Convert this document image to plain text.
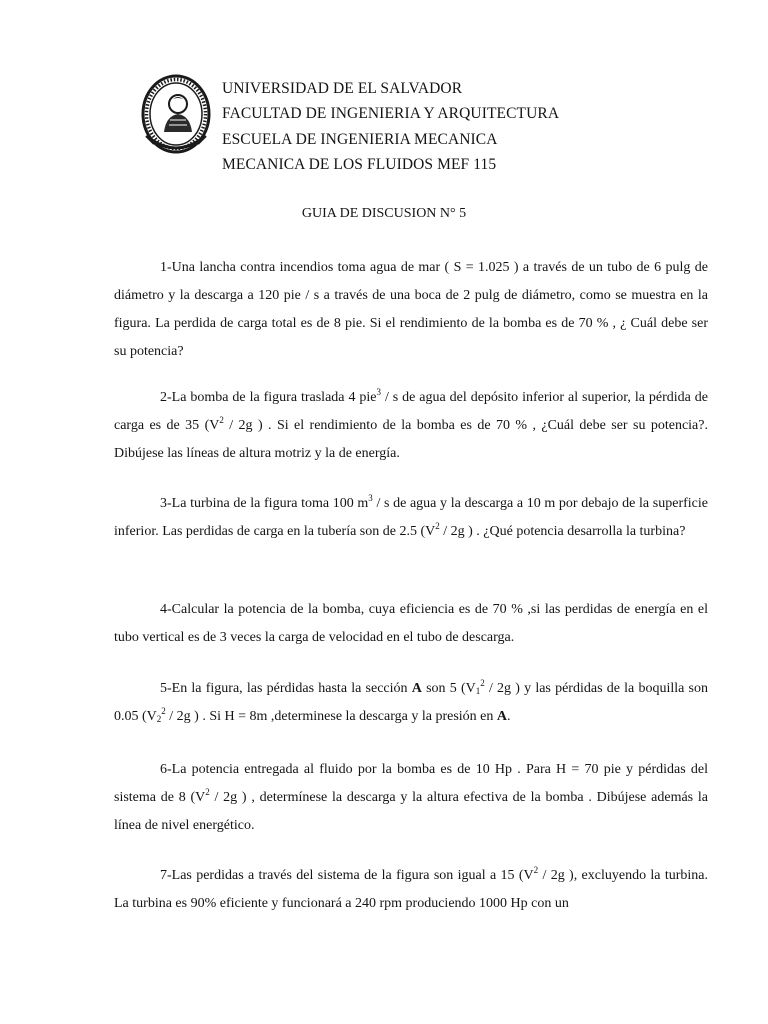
UNIVERSIDAD DE EL SALVADOR
FACULTAD DE INGENIERIA Y ARQUITECTURA
ESCUELA DE INGENIERIA MECANICA
MECANICA DE LOS FLUIDOS MEF 115
GUIA DE DISCUSION N° 5

1-Una lancha contra incendios toma agua de mar ( S = 1.025 ) a través de un tubo de 6 pulg de diámetro y la descarga a 120 pie / s a través de una boca de 2 pulg de diámetro, como se muestra en la figura. La perdida de carga total es de 8 pie. Si el rendimiento de la bomba es de 70 % , ¿ Cuál debe ser su potencia?

2-La bomba de la figura traslada 4 pie$^3$ / s de agua del depósito inferior al superior, la pérdida de carga es de 35 ($V^2 / 2g$ ) . Si el rendimiento de la bomba es de 70 % , ¿Cuál debe ser su potencia?. Dibújese las líneas de altura motriz y la de energía.

3-La turbina de la figura toma 100 $m^3$ / s de agua y la descarga a 10 m por debajo de la superficie inferior. Las perdidas de carga en la tubería son de 2.5 ($V^2 / 2g$ ) . ¿Qué potencia desarrolla la turbina?

4-Calcular la potencia de la bomba, cuya eficiencia es de 70 % ,si las perdidas de energía en el tubo vertical es de 3 veces la carga de velocidad en el tubo de descarga.

5-En la figura, las pérdidas hasta la sección A son 5 ($V_1^2 / 2g$ ) y las pérdidas de la boquilla son 0.05 ($V_2^2 / 2g$ ) . Si H = 8m ,determinese la descarga y la presión en A.

6-La potencia entregada al fluido por la bomba es de 10 Hp . Para H = 70 pie y pérdidas del sistema de 8 ($V^2 / 2g$ ) , determínese la descarga y la altura efectiva de la bomba . Dibújese además la línea de nivel energético.

7-Las perdidas a través del sistema de la figura son igual a 15 ($V^2 / 2g$ ), excluyendo la turbina. La turbina es 90% eficiente y funcionará a 240 rpm produciendo 1000 Hp con un
